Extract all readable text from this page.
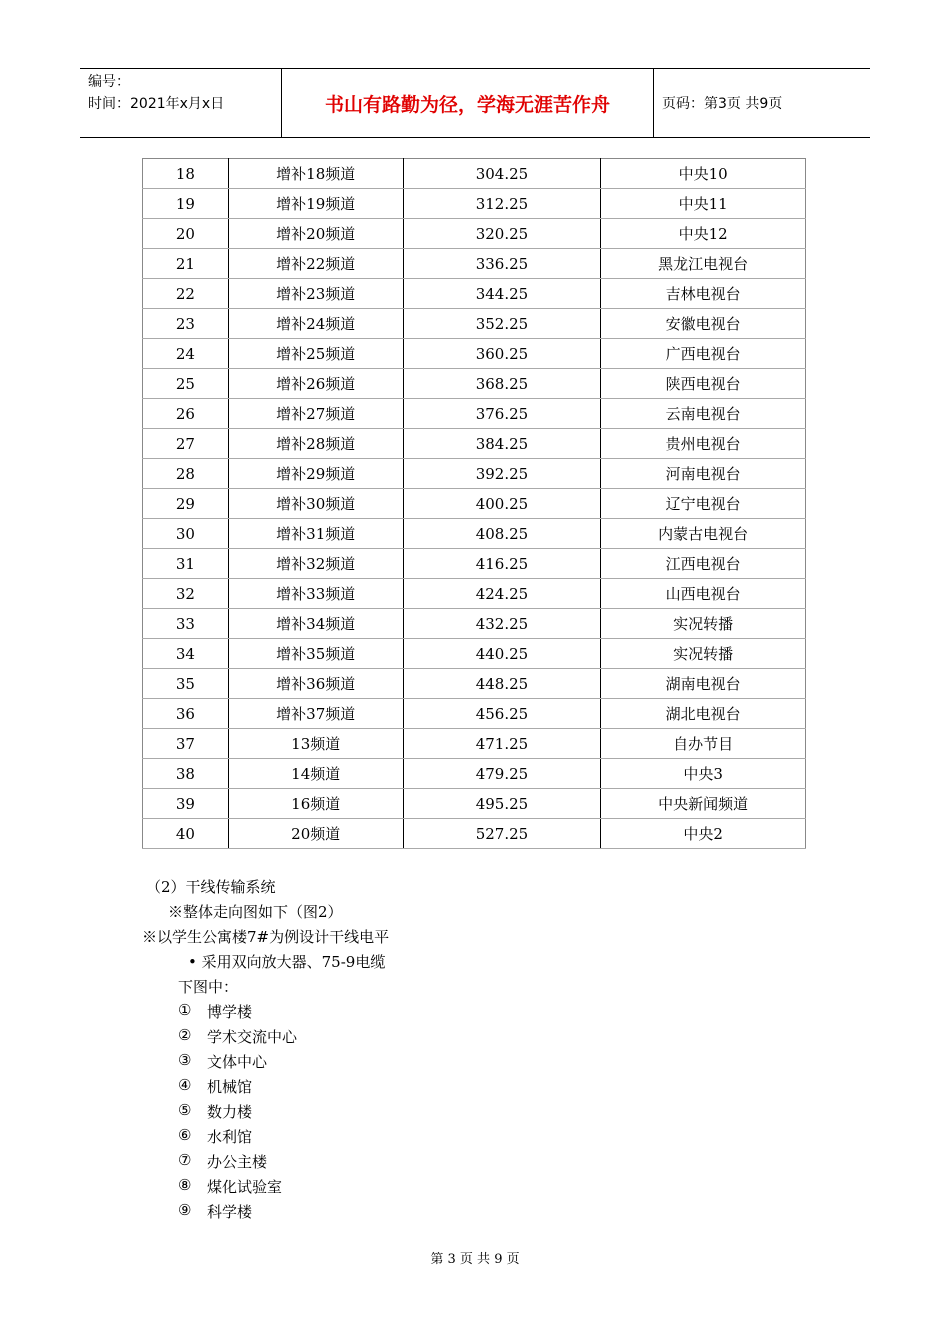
编号：
时间：2021年x月x日	书山有路勤为径，学海无涯苦作舟	页码：第3页 共9页
18	增补18频道	304.25	中央10
19	增补19频道	312.25	中央11
20	增补20频道	320.25	中央12
21	增补22频道	336.25	黑龙江电视台
22	增补23频道	344.25	吉林电视台
23	增补24频道	352.25	安徽电视台
24	增补25频道	360.25	广西电视台
25	增补26频道	368.25	陕西电视台
26	增补27频道	376.25	云南电视台
27	增补28频道	384.25	贵州电视台
28	增补29频道	392.25	河南电视台
29	增补30频道	400.25	辽宁电视台
30	增补31频道	408.25	内蒙古电视台
31	增补32频道	416.25	江西电视台
32	增补33频道	424.25	山西电视台
33	增补34频道	432.25	实况转播
34	增补35频道	440.25	实况转播
35	增补36频道	448.25	湖南电视台
36	增补37频道	456.25	湖北电视台
37	13频道	471.25	自办节目
38	14频道	479.25	中央3
39	16频道	495.25	中央新闻频道
40	20频道	527.25	中央2
（2）干线传输系统
※整体走向图如下（图2）
※以学生公寓楼7#为例设计干线电平
• 采用双向放大器、75-9电缆
下图中：
① 博学楼
② 学术交流中心
③ 文体中心
④ 机械馆
⑤ 数力楼
⑥ 水利馆
⑦ 办公主楼
⑧ 煤化试验室
⑨ 科学楼
第 3 页 共 9 页
